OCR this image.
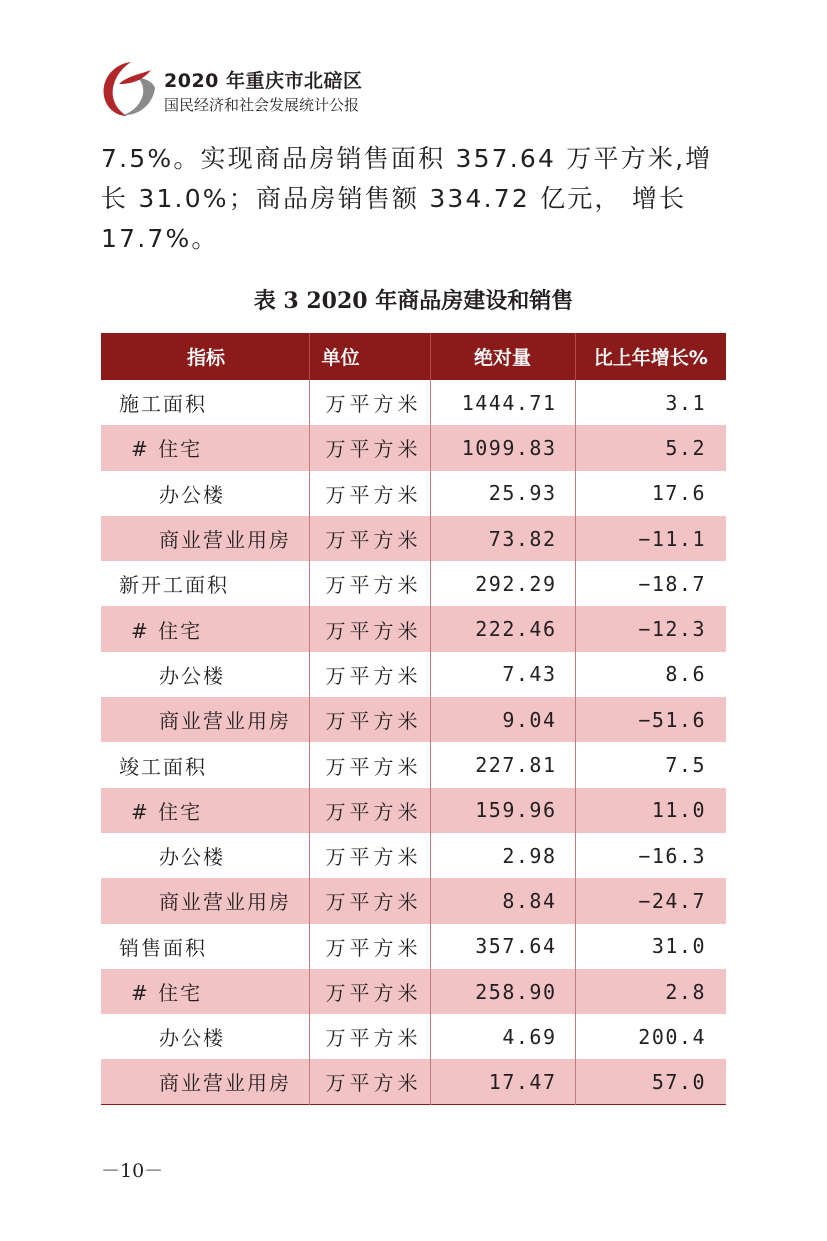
2020 年重庆市北碚区
国民经济和社会发展统计公报
7.5%。实现商品房销售面积 357.64 万平方米,增
长 31.0%；商品房销售额 334.72 亿元， 增长
17.7%。
表 3 2020 年商品房建设和销售
指标	单位	绝对量	比上年增长%
施工面积	万平方米	1444.71	3.1
# 住宅	万平方米	1099.83	5.2
办公楼	万平方米	25.93	17.6
商业营业用房	万平方米	73.82	−11.1
新开工面积	万平方米	292.29	−18.7
# 住宅	万平方米	222.46	−12.3
办公楼	万平方米	7.43	8.6
商业营业用房	万平方米	9.04	−51.6
竣工面积	万平方米	227.81	7.5
# 住宅	万平方米	159.96	11.0
办公楼	万平方米	2.98	−16.3
商业营业用房	万平方米	8.84	−24.7
销售面积	万平方米	357.64	31.0
# 住宅	万平方米	258.90	2.8
办公楼	万平方米	4.69	200.4
商业营业用房	万平方米	17.47	57.0
－10－
